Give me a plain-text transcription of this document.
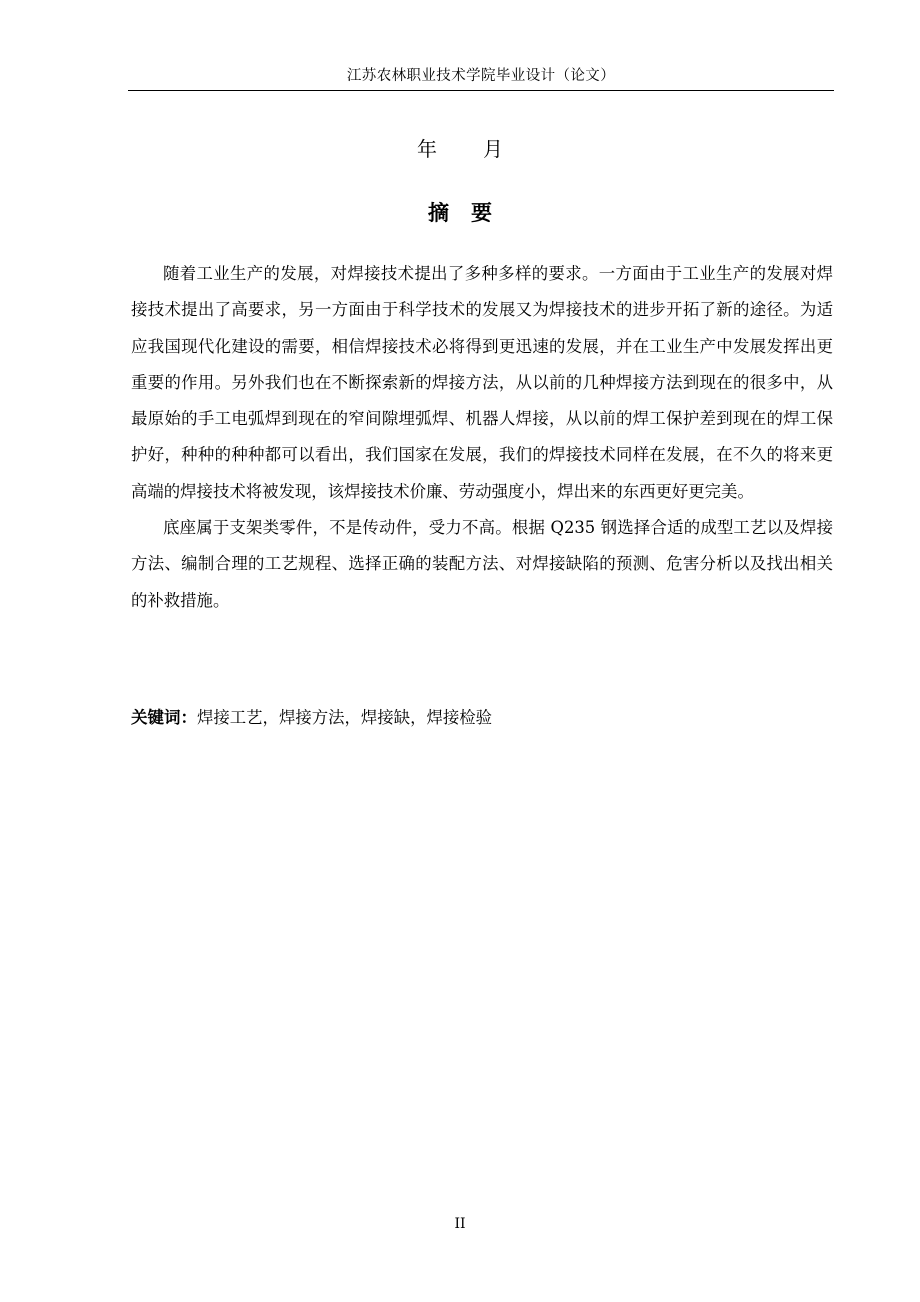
江苏农林职业技术学院毕业设计（论文）
年 月
摘 要

随着工业生产的发展，对焊接技术提出了多种多样的要求。一方面由于工业生产的发展对焊接技术提出了高要求，另一方面由于科学技术的发展又为焊接技术的进步开拓了新的途径。为适应我国现代化建设的需要，相信焊接技术必将得到更迅速的发展，并在工业生产中发展发挥出更重要的作用。另外我们也在不断探索新的焊接方法，从以前的几种焊接方法到现在的很多中，从最原始的手工电弧焊到现在的窄间隙埋弧焊、机器人焊接，从以前的焊工保护差到现在的焊工保护好，种种的种种都可以看出，我们国家在发展，我们的焊接技术同样在发展，在不久的将来更高端的焊接技术将被发现，该焊接技术价廉、劳动强度小，焊出来的东西更好更完美。

底座属于支架类零件，不是传动件，受力不高。根据 Q235 钢选择合适的成型工艺以及焊接方法、编制合理的工艺规程、选择正确的装配方法、对焊接缺陷的预测、危害分析以及找出相关的补救措施。

关键词：焊接工艺，焊接方法，焊接缺，焊接检验
II
